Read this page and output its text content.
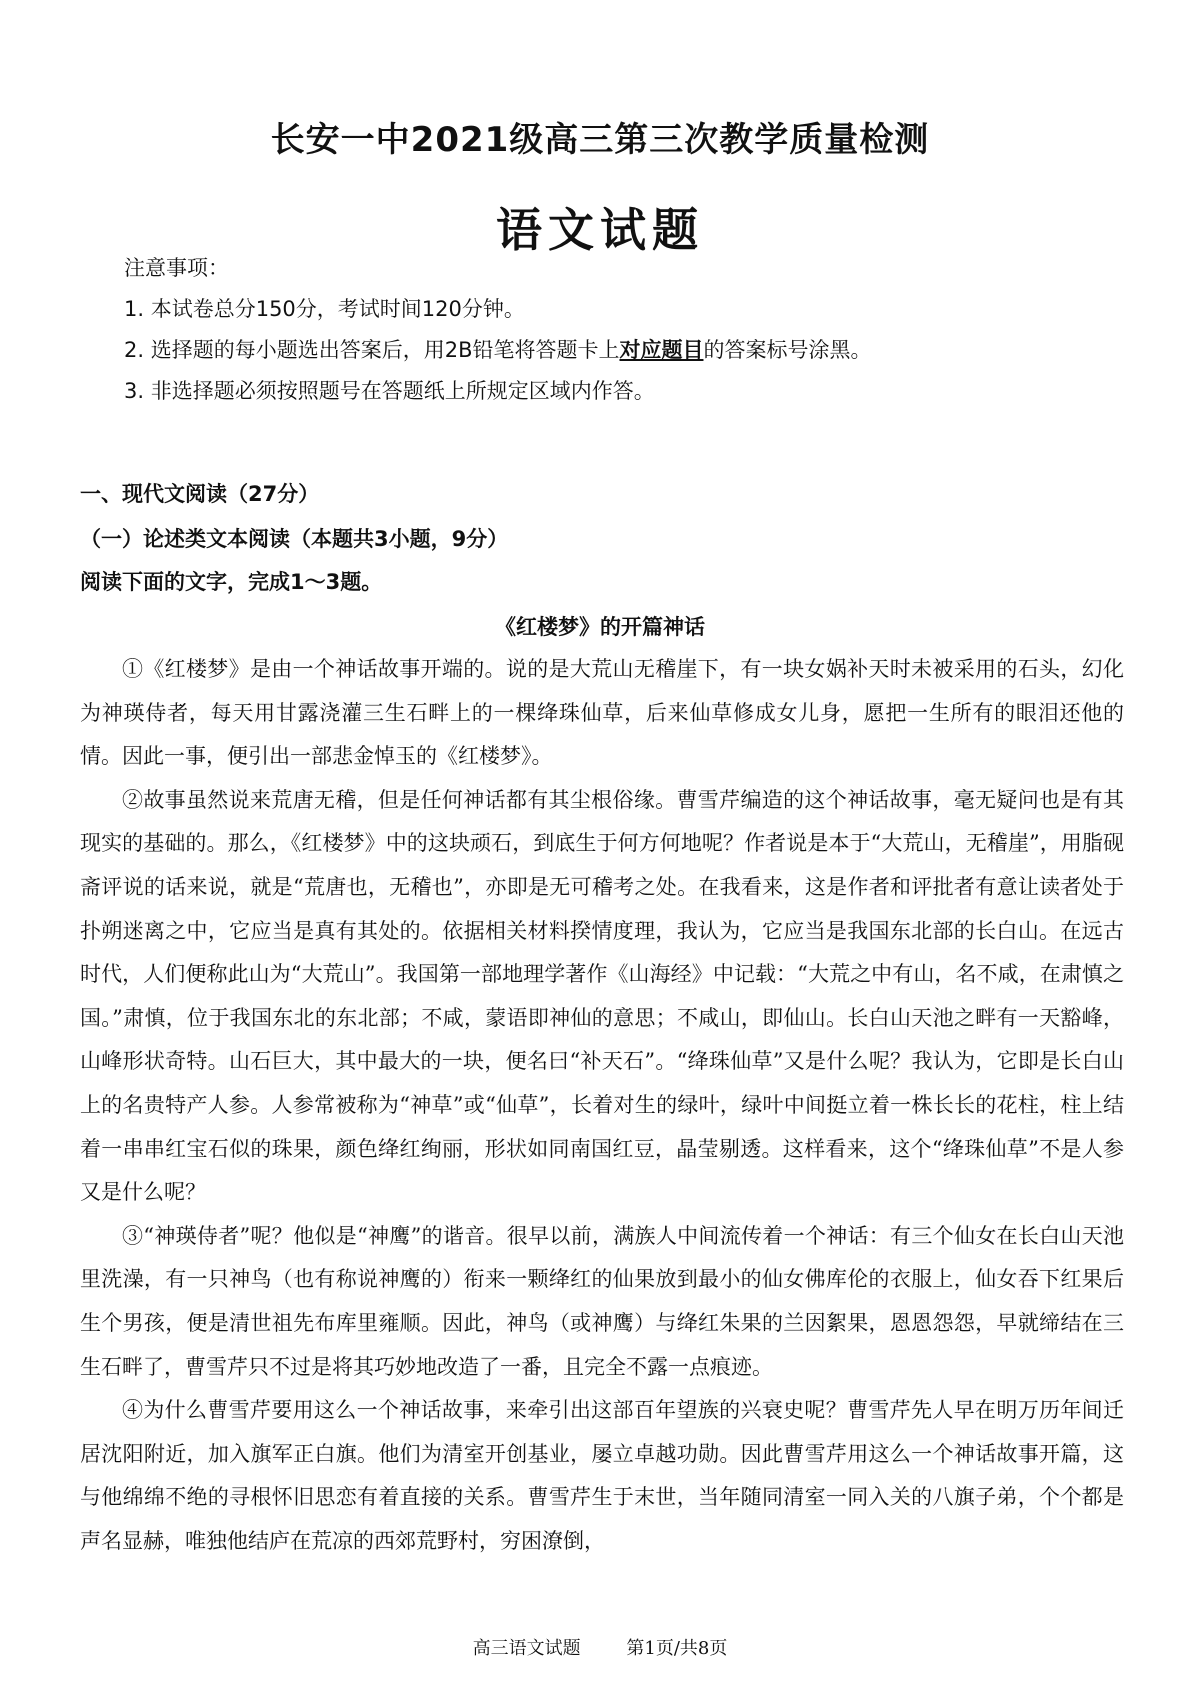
长安一中2021级高三第三次教学质量检测
语文试题
注意事项：
1. 本试卷总分150分，考试时间120分钟。
2. 选择题的每小题选出答案后，用2B铅笔将答题卡上对应题目的答案标号涂黑。
3. 非选择题必须按照题号在答题纸上所规定区域内作答。
一、现代文阅读（27分）
（一）论述类文本阅读（本题共3小题，9分）
阅读下面的文字，完成1～3题。
《红楼梦》的开篇神话

①《红楼梦》是由一个神话故事开端的。说的是大荒山无稽崖下，有一块女娲补天时未被采用的石头，幻化为神瑛侍者，每天用甘露浇灌三生石畔上的一棵绛珠仙草，后来仙草修成女儿身，愿把一生所有的眼泪还他的情。因此一事，便引出一部悲金悼玉的《红楼梦》。

②故事虽然说来荒唐无稽，但是任何神话都有其尘根俗缘。曹雪芹编造的这个神话故事，毫无疑问也是有其现实的基础的。那么，《红楼梦》中的这块顽石，到底生于何方何地呢？作者说是本于“大荒山，无稽崖”，用脂砚斋评说的话来说，就是“荒唐也，无稽也”，亦即是无可稽考之处。在我看来，这是作者和评批者有意让读者处于扑朔迷离之中，它应当是真有其处的。依据相关材料揆情度理，我认为，它应当是我国东北部的长白山。在远古时代，人们便称此山为“大荒山”。我国第一部地理学著作《山海经》中记载：“大荒之中有山，名不咸，在肃慎之国。”肃慎，位于我国东北的东北部；不咸，蒙语即神仙的意思；不咸山，即仙山。长白山天池之畔有一天豁峰，山峰形状奇特。山石巨大，其中最大的一块，便名曰“补天石”。“绛珠仙草”又是什么呢？我认为，它即是长白山上的名贵特产人参。人参常被称为“神草”或“仙草”，长着对生的绿叶，绿叶中间挺立着一株长长的花柱，柱上结着一串串红宝石似的珠果，颜色绛红绚丽，形状如同南国红豆，晶莹剔透。这样看来，这个“绛珠仙草”不是人参又是什么呢？

③“神瑛侍者”呢？他似是“神鹰”的谐音。很早以前，满族人中间流传着一个神话：有三个仙女在长白山天池里洗澡，有一只神鸟（也有称说神鹰的）衔来一颗绛红的仙果放到最小的仙女佛库伦的衣服上，仙女吞下红果后生个男孩，便是清世祖先布库里雍顺。因此，神鸟（或神鹰）与绛红朱果的兰因絮果，恩恩怨怨，早就缔结在三生石畔了，曹雪芹只不过是将其巧妙地改造了一番，且完全不露一点痕迹。

④为什么曹雪芹要用这么一个神话故事，来牵引出这部百年望族的兴衰史呢？曹雪芹先人早在明万历年间迁居沈阳附近，加入旗军正白旗。他们为清室开创基业，屡立卓越功勋。因此曹雪芹用这么一个神话故事开篇，这与他绵绵不绝的寻根怀旧思恋有着直接的关系。曹雪芹生于末世，当年随同清室一同入关的八旗子弟，个个都是声名显赫，唯独他结庐在荒凉的西郊荒野村，穷困潦倒，

高三语文试题	第1页/共8页
